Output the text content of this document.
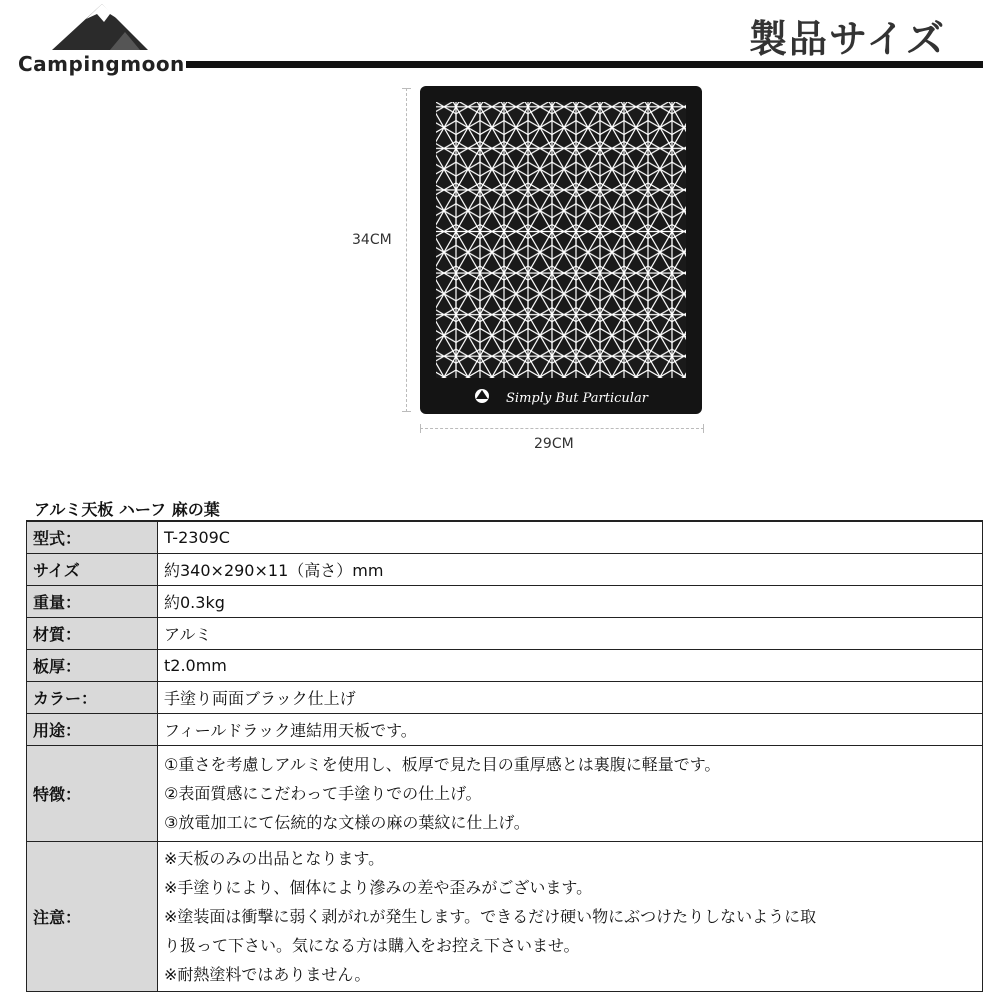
Campingmoon
製品サイズ
Simply But Particular
34CM
29CM
アルミ天板 ハーフ 麻の葉
型式：	T-2309C
サイズ	約340×290×11（高さ）mm
重量：	約0.3kg
材質：	アルミ
板厚：	t2.0mm
カラー：	手塗り両面ブラック仕上げ
用途：	フィールドラック連結用天板です。
特徴：	①重さを考慮しアルミを使用し、板厚で見た目の重厚感とは裏腹に軽量です。
②表面質感にこだわって手塗りでの仕上げ。
③放電加工にて伝統的な文様の麻の葉紋に仕上げ。

注意：	※天板のみの出品となります。
※手塗りにより、個体により滲みの差や歪みがございます。
※塗装面は衝撃に弱く剥がれが発生します。できるだけ硬い物にぶつけたりしないように取
り扱って下さい。気になる方は購入をお控え下さいませ。
※耐熱塗料ではありません。
